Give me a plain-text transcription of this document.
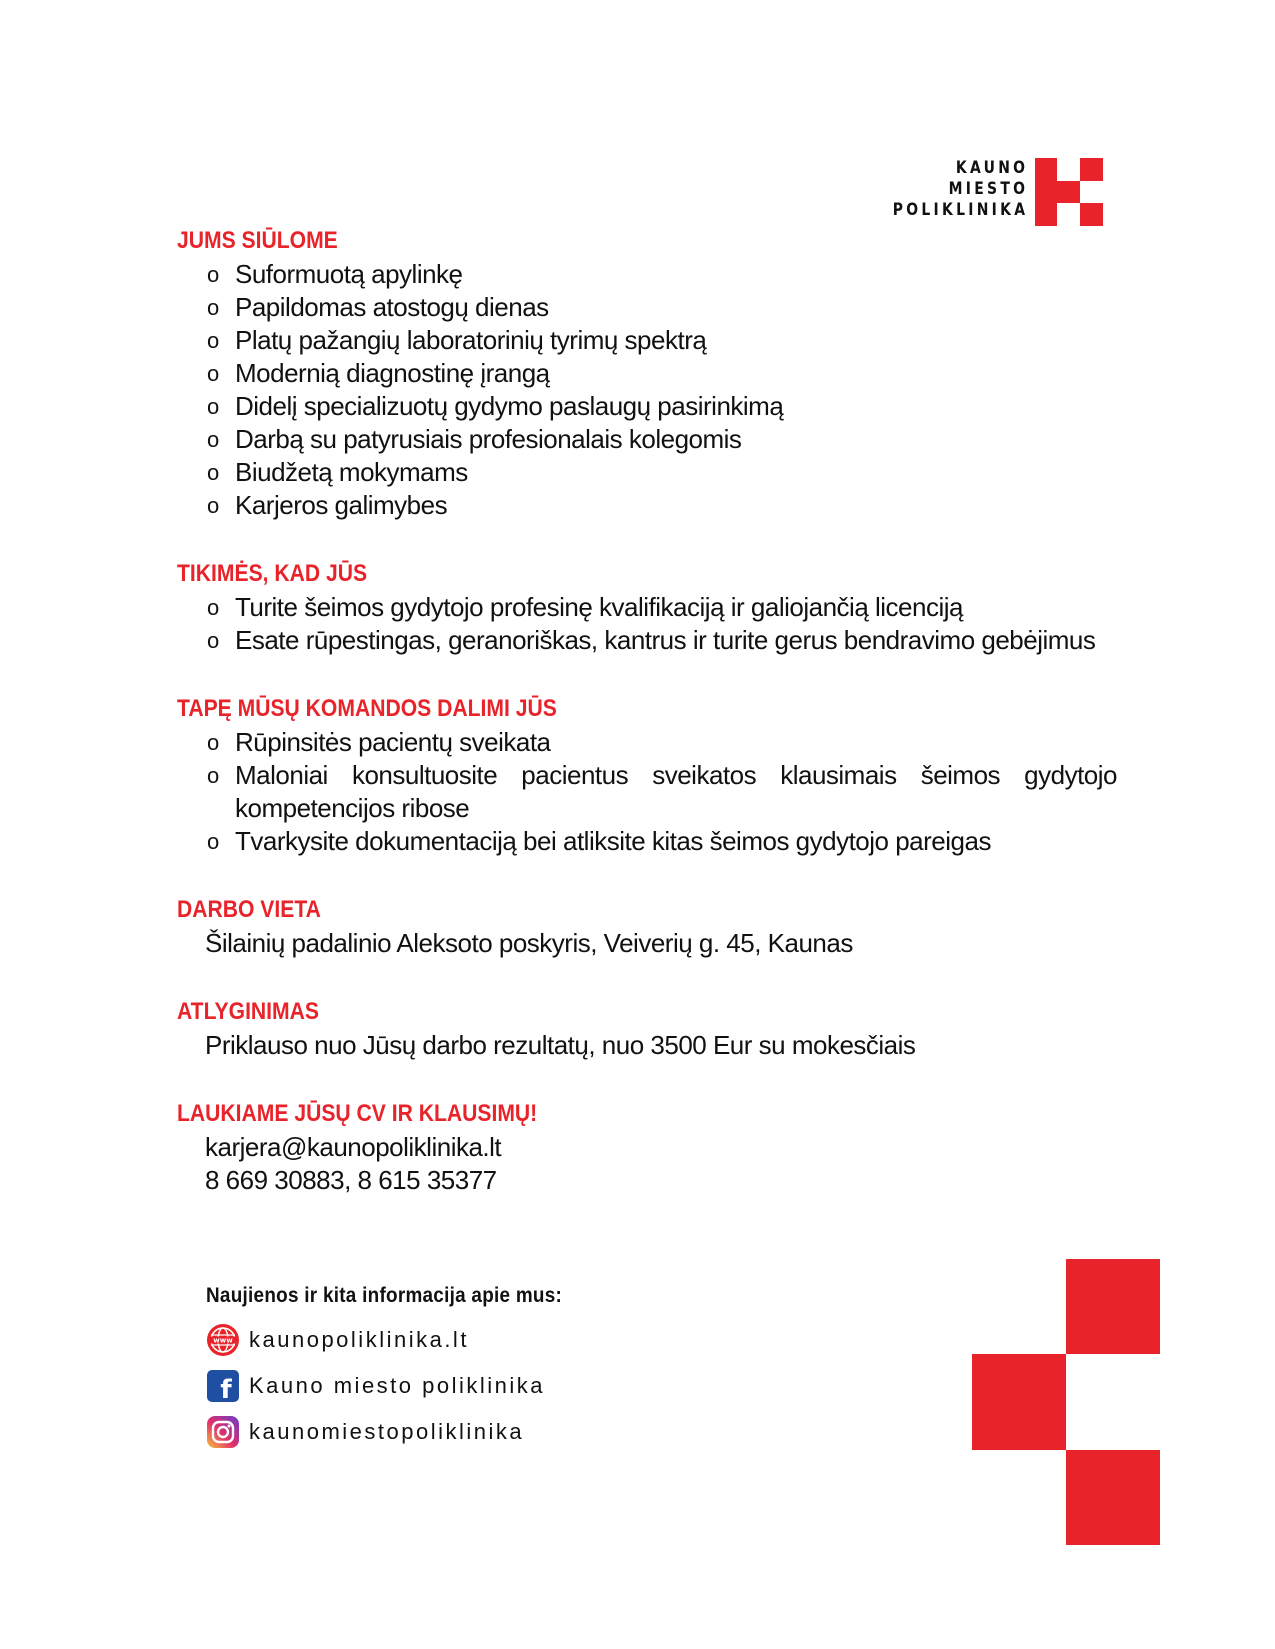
KAUNO
MIESTO
POLIKLINIKA
JUMS SIŪLOME
o Suformuotą apylinkę
o Papildomas atostogų dienas
o Platų pažangių laboratorinių tyrimų spektrą
o Modernią diagnostinę įrangą
o Didelį specializuotų gydymo paslaugų pasirinkimą
o Darbą su patyrusiais profesionalais kolegomis
o Biudžetą mokymams
o Karjeros galimybes
TIKIMĖS, KAD JŪS
o Turite šeimos gydytojo profesinę kvalifikaciją ir galiojančią licenciją
o Esate rūpestingas, geranoriškas, kantrus ir turite gerus bendravimo gebėjimus
TAPĘ MŪSŲ KOMANDOS DALIMI JŪS
o Rūpinsitės pacientų sveikata
o Maloniai konsultuosite pacientus sveikatos klausimais šeimos gydytojo kompetencijos ribose
o Tvarkysite dokumentaciją bei atliksite kitas šeimos gydytojo pareigas
DARBO VIETA

Šilainių padalinio Aleksoto poskyris, Veiverių g. 45, Kaunas

ATLYGINIMAS

Priklauso nuo Jūsų darbo rezultatų, nuo 3500 Eur su mokesčiais

LAUKIAME JŪSŲ CV IR KLAUSIMŲ!

karjera@kaunopoliklinika.lt

8 669 30883, 8 615 35377

Naujienos ir kita informacija apie mus:

www kaunopoliklinika.lt
f Kauno miesto poliklinika
kaunomiestopoliklinika
